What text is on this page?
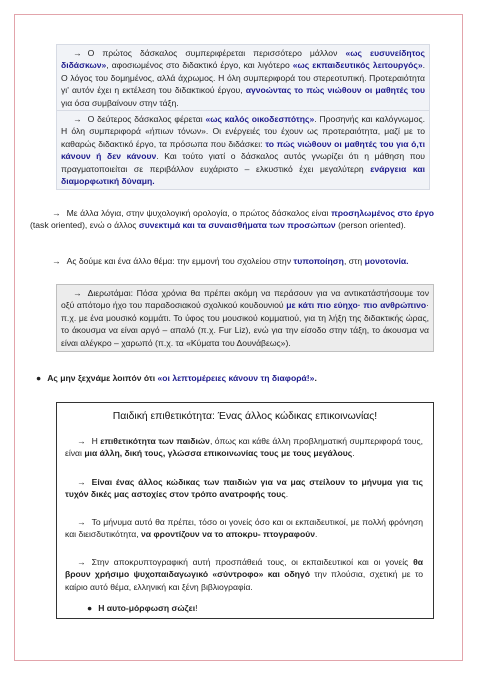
→ Ο πρώτος δάσκαλος συμπεριφέρεται περισσότερο μάλλον «ως ευσυνείδητος διδάσκων», αφοσιωμένος στο διδακτικό έργο, και λιγότερο «ως εκπαιδευτικός λειτουργός». Ο λόγος του δομημένος, αλλά άχρωμος. Η όλη συμπεριφορά του στερεοτυπική. Προτεραιότητα γι' αυτόν έχει η εκτέλεση του διδακτικού έργου, αγνοώντας το πώς νιώθουν οι μαθητές του για όσα συμβαίνουν στην τάξη.
→ Ο δεύτερος δάσκαλος φέρεται «ως καλός οικοδεσπότης». Προσηνής και καλόγνωμος. Η όλη συμπεριφορά «ήπιων τόνων». Οι ενέργειές του έχουν ως προτεραιότητα, μαζί με το καθαρώς διδακτικό έργο, τα πρόσωπα που διδάσκει: το πώς νιώθουν οι μαθητές του για ό,τι κάνουν ή δεν κάνουν. Και τούτο γιατί ο δάσκαλος αυτός γνωρίζει ότι η μάθηση που πραγματοποιείται σε περιβάλλον ευχάριστο – ελκυστικό έχει μεγαλύτερη ενάργεια και διαμορφωτική δύναμη.
→ Με άλλα λόγια, στην ψυχολογική ορολογία, ο πρώτος δάσκαλος είναι προσηλωμένος στο έργο (task oriented), ενώ ο άλλος συνεκτιμά και τα συναισθήματα των προσώπων (person oriented).
→ Ας δούμε και ένα άλλο θέμα: την εμμονή του σχολείου στην τυποποίηση, στη μονοτονία.
→ Διερωτάμαι: Πόσα χρόνια θα πρέπει ακόμη να περάσουν για να αντικατάστήσουμε τον οξύ απότομο ήχο του παραδοσιακού σχολικού κουδουνιού με κάτι πιο εύηχο· πιο ανθρώπινο· π.χ. με ένα μουσικό κομμάτι. Το ύφος του μουσικού κομματιού, για τη λήξη της διδακτικής ώρας, το άκουσμα να είναι αργό – απαλό (π.χ. Fur Liz), ενώ για την είσοδο στην τάξη, το άκουσμα να είναι αλέγκρο – χαρωπό (π.χ. τα «Κύματα του Δουνάβεως»).
● Ας μην ξεχνάμε λοιπόν ότι «οι λεπτομέρειες κάνουν τη διαφορά!».
Παιδική επιθετικότητα: Ένας άλλος κώδικας επικοινωνίας!
→ Η επιθετικότητα των παιδιών, όπως και κάθε άλλη προβληματική συμπεριφορά τους, είναι μια άλλη, δική τους, γλώσσα επικοινωνίας τους με τους μεγάλους.
→ Είναι ένας άλλος κώδικας των παιδιών για να μας στείλουν το μήνυμα για τις τυχόν δικές μας αστοχίες στον τρόπο ανατροφής τους.
→ Το μήνυμα αυτό θα πρέπει, τόσο οι γονείς όσο και οι εκπαιδευτικοί, με πολλή φρόνηση και διεισδυτικότητα, να φροντίζουν να το αποκρυ- πτογραφούν.
→ Στην αποκρυπτογραφική αυτή προσπάθειά τους, οι εκπαιδευτικοί και οι γονείς θα βρουν χρήσιμο ψυχοπαιδαγωγικό «σύντροφο» και οδηγό την πλούσια, σχετική με το καίριο αυτό θέμα, ελληνική και ξένη βιβλιογραφία.
● Η αυτο-μόρφωση σώζει!
